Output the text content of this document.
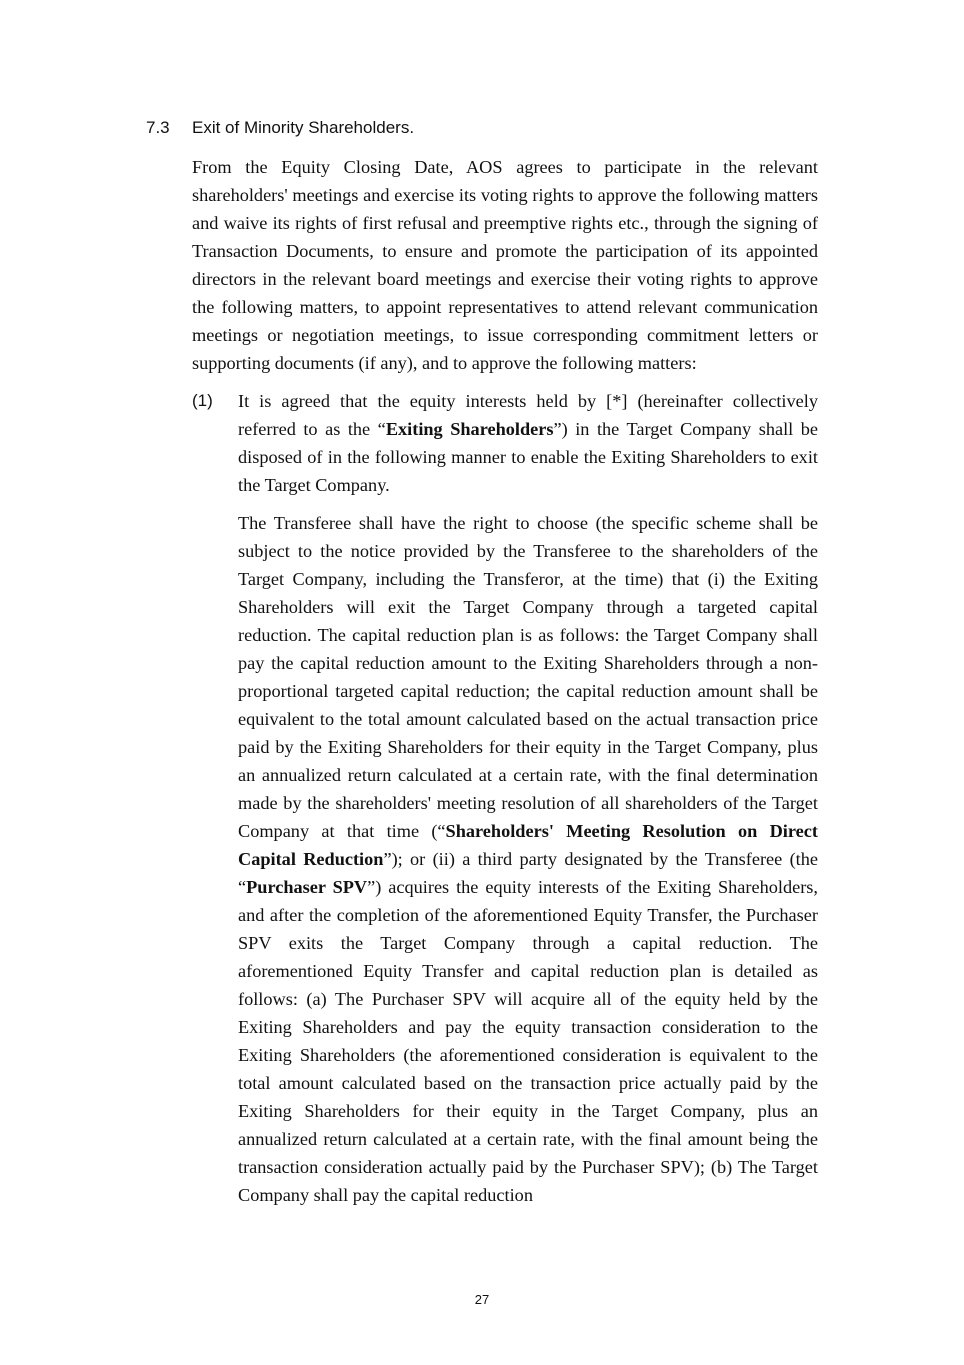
7.3 Exit of Minority Shareholders.

From the Equity Closing Date, AOS agrees to participate in the relevant shareholders' meetings and exercise its voting rights to approve the following matters and waive its rights of first refusal and preemptive rights etc., through the signing of Transaction Documents, to ensure and promote the participation of its appointed directors in the relevant board meetings and exercise their voting rights to approve the following matters, to appoint representatives to attend relevant communication meetings or negotiation meetings, to issue corresponding commitment letters or supporting documents (if any), and to approve the following matters:

(1) It is agreed that the equity interests held by [*] (hereinafter collectively referred to as the “Exiting Shareholders”) in the Target Company shall be disposed of in the following manner to enable the Exiting Shareholders to exit the Target Company.

The Transferee shall have the right to choose (the specific scheme shall be subject to the notice provided by the Transferee to the shareholders of the Target Company, including the Transferor, at the time) that (i) the Exiting Shareholders will exit the Target Company through a targeted capital reduction. The capital reduction plan is as follows: the Target Company shall pay the capital reduction amount to the Exiting Shareholders through a non-proportional targeted capital reduction; the capital reduction amount shall be equivalent to the total amount calculated based on the actual transaction price paid by the Exiting Shareholders for their equity in the Target Company, plus an annualized return calculated at a certain rate, with the final determination made by the shareholders' meeting resolution of all shareholders of the Target Company at that time (“Shareholders' Meeting Resolution on Direct Capital Reduction”); or (ii) a third party designated by the Transferee (the “Purchaser SPV”) acquires the equity interests of the Exiting Shareholders, and after the completion of the aforementioned Equity Transfer, the Purchaser SPV exits the Target Company through a capital reduction. The aforementioned Equity Transfer and capital reduction plan is detailed as follows: (a) The Purchaser SPV will acquire all of the equity held by the Exiting Shareholders and pay the equity transaction consideration to the Exiting Shareholders (the aforementioned consideration is equivalent to the total amount calculated based on the transaction price actually paid by the Exiting Shareholders for their equity in the Target Company, plus an annualized return calculated at a certain rate, with the final amount being the transaction consideration actually paid by the Purchaser SPV); (b) The Target Company shall pay the capital reduction

27
